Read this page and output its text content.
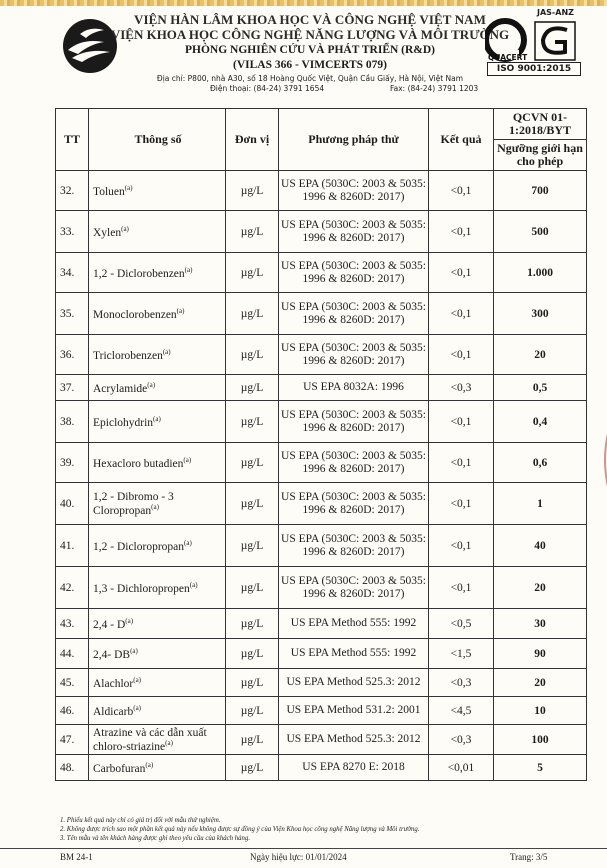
VIỆN HÀN LÂM KHOA HỌC VÀ CÔNG NGHỆ VIỆT NAM
VIỆN KHOA HỌC CÔNG NGHỆ NĂNG LƯỢNG VÀ MÔI TRƯỜNG
PHÒNG NGHIÊN CỨU VÀ PHÁT TRIỂN (R&D)
(VILAS 366 - VIMCERTS 079)
Địa chỉ: P800, nhà A30, số 18 Hoàng Quốc Việt, Quận Cầu Giấy, Hà Nội, Việt Nam
Điện thoại: (84-24) 3791 1654	Fax: (84-24) 3791 1203
QUACERT
JAS-ANZ
ISO 9001:2015
TT	Thông số	Đơn vị	Phương pháp thử	Kết quả	QCVN 01-1:2018/BYT
Ngưỡng giới hạn cho phép

32.	Toluen$^{(a)}$	µg/L	US EPA (5030C: 2003 & 5035: 1996 & 8260D: 2017)	<0,1	700
33.	Xylen$^{(a)}$	µg/L	US EPA (5030C: 2003 & 5035: 1996 & 8260D: 2017)	<0,1	500
34.	1,2 - Diclorobenzen$^{(a)}$	µg/L	US EPA (5030C: 2003 & 5035: 1996 & 8260D: 2017)	<0,1	1.000
35.	Monoclorobenzen$^{(a)}$	µg/L	US EPA (5030C: 2003 & 5035: 1996 & 8260D: 2017)	<0,1	300
36.	Triclorobenzen$^{(a)}$	µg/L	US EPA (5030C: 2003 & 5035: 1996 & 8260D: 2017)	<0,1	20
37.	Acrylamide$^{(a)}$	µg/L	US EPA 8032A: 1996	<0,3	0,5
38.	Epiclohydrin$^{(a)}$	µg/L	US EPA (5030C: 2003 & 5035: 1996 & 8260D: 2017)	<0,1	0,4
39.	Hexacloro butadien$^{(a)}$	µg/L	US EPA (5030C: 2003 & 5035: 1996 & 8260D: 2017)	<0,1	0,6
40.	1,2 - Dibromo - 3 Cloropropan$^{(a)}$	µg/L	US EPA (5030C: 2003 & 5035: 1996 & 8260D: 2017)	<0,1	1
41.	1,2 - Dicloropropan$^{(a)}$	µg/L	US EPA (5030C: 2003 & 5035: 1996 & 8260D: 2017)	<0,1	40
42.	1,3 - Dichloropropen$^{(a)}$	µg/L	US EPA (5030C: 2003 & 5035: 1996 & 8260D: 2017)	<0,1	20
43.	$2,4 - D^{(a)}$	µg/L	US EPA Method 555: 1992	<0,5	30
44.	2,4- DB$^{(a)}$	µg/L	US EPA Method 555: 1992	<1,5	90
45.	Alachlor$^{(a)}$	µg/L	US EPA Method 525.3: 2012	<0,3	20
46.	Aldicarb$^{(a)}$	µg/L	US EPA Method 531.2: 2001	<4,5	10
47.	Atrazine và các dẫn xuất chloro-striazine$^{(a)}$	µg/L	US EPA Method 525.3: 2012	<0,3	100
48.	Carbofuran$^{(a)}$	µg/L	US EPA 8270 E: 2018	<0,01	5
1. Phiếu kết quả này chỉ có giá trị đối với mẫu thử nghiệm.
2. Không được trích sao một phần kết quả này nếu không được sự đồng ý của Viện Khoa học công nghệ Năng lượng và Môi trường.
3. Tên mẫu và tên khách hàng được ghi theo yêu cầu của khách hàng.
BM 24-1	Ngày hiệu lực: 01/01/2024	Trang: 3/5
